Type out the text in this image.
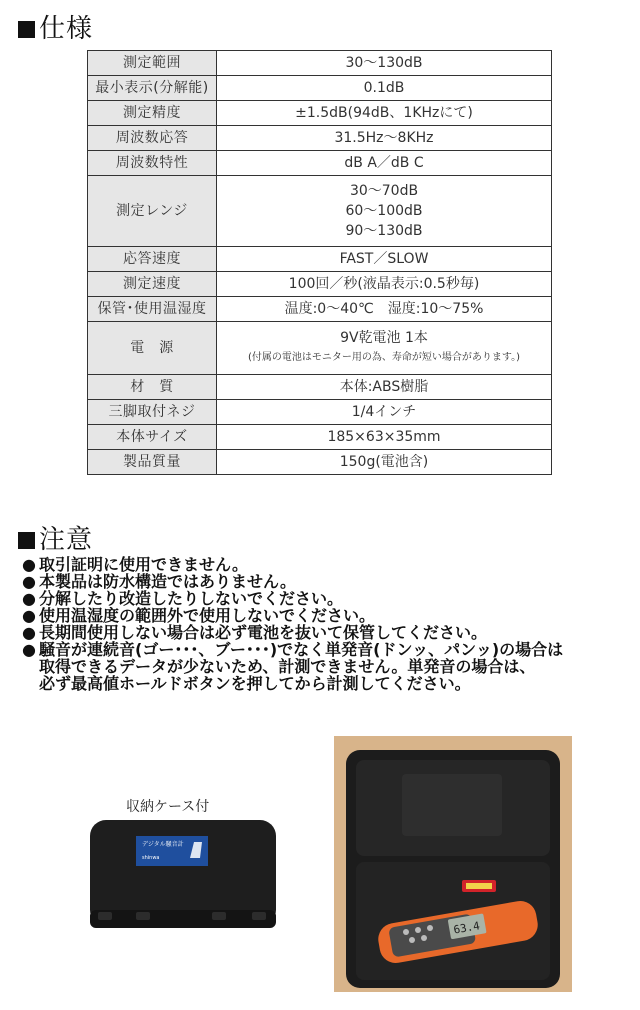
仕様
測定範囲	30〜130dB
最小表示(分解能)	0.1dB
測定精度	±1.5dB(94dB、1KHzにて)
周波数応答	31.5Hz〜8KHz
周波数特性	dB A／dB C
測定レンジ	30〜70dB
60〜100dB
90〜130dB

応答速度	FAST／SLOW
測定速度	100回／秒(液晶表示:0.5秒毎)
保管･使用温湿度	温度:0〜40℃　湿度:10〜75%
電　源	9V乾電池 1本
(付属の電池はモニター用の為、寿命が短い場合があります。)

材　質	本体:ABS樹脂
三脚取付ネジ	1/4インチ
本体サイズ	185×63×35mm
製品質量	150g(電池含)
注意
● 取引証明に使用できません。
● 本製品は防水構造ではありません。
● 分解したり改造したりしないでください。
● 使用温湿度の範囲外で使用しないでください。
● 長期間使用しない場合は必ず電池を抜いて保管してください。
● 騒音が連続音(ゴー･･･、ブー･･･)でなく単発音(ドンッ、パンッ)の場合は
取得できるデータが少ないため、計測できません。単発音の場合は、
必ず最高値ホールドボタンを押してから計測してください。
収納ケース付
デジタル騒音計
shinwa
63.4
